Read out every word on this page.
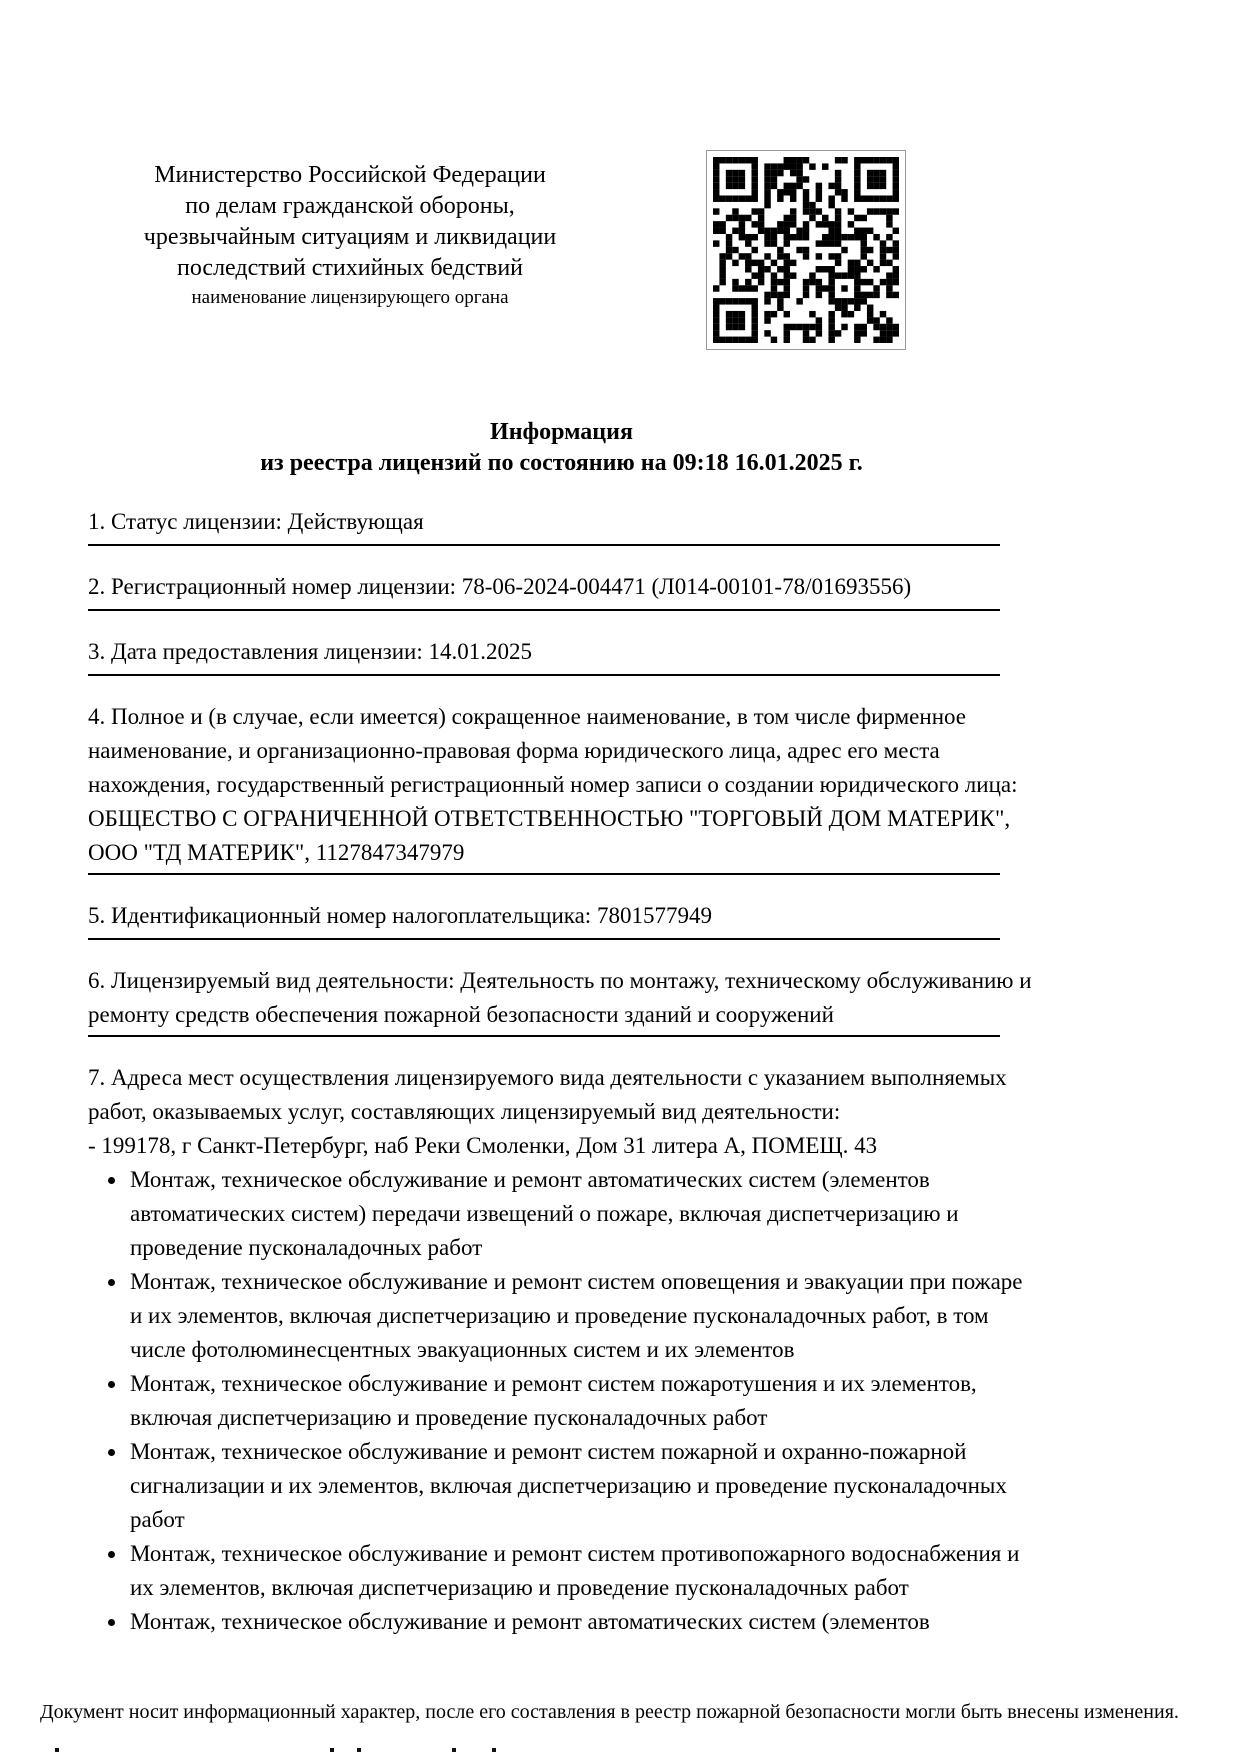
Министерство Российской Федерации
по делам гражданской обороны,
чрезвычайным ситуациям и ликвидации
последствий стихийных бедствий
наименование лицензирующего органа
Информация
из реестра лицензий по состоянию на 09:18 16.01.2025 г.

1. Статус лицензии: Действующая

2. Регистрационный номер лицензии: 78-06-2024-004471 (Л014-00101-78/01693556)

3. Дата предоставления лицензии: 14.01.2025

4. Полное и (в случае, если имеется) сокращенное наименование, в том числе фирменное наименование, и организационно-правовая форма юридического лица, адрес его места нахождения, государственный регистрационный номер записи о создании юридического лица: ОБЩЕСТВО С ОГРАНИЧЕННОЙ ОТВЕТСТВЕННОСТЬЮ "ТОРГОВЫЙ ДОМ МАТЕРИК", ООО "ТД МАТЕРИК", 1127847347979

5. Идентификационный номер налогоплательщика: 7801577949

6. Лицензируемый вид деятельности: Деятельность по монтажу, техническому обслуживанию и ремонту средств обеспечения пожарной безопасности зданий и сооружений

7. Адреса мест осуществления лицензируемого вида деятельности с указанием выполняемых работ, оказываемых услуг, составляющих лицензируемый вид деятельности:

- 199178, г Санкт-Петербург, наб Реки Смоленки, Дом 31 литера А, ПОМЕЩ. 43

• Монтаж, техническое обслуживание и ремонт автоматических систем (элементов автоматических систем) передачи извещений о пожаре, включая диспетчеризацию и проведение пусконаладочных работ
• Монтаж, техническое обслуживание и ремонт систем оповещения и эвакуации при пожаре и их элементов, включая диспетчеризацию и проведение пусконаладочных работ, в том числе фотолюминесцентных эвакуационных систем и их элементов
• Монтаж, техническое обслуживание и ремонт систем пожаротушения и их элементов, включая диспетчеризацию и проведение пусконаладочных работ
• Монтаж, техническое обслуживание и ремонт систем пожарной и охранно-пожарной сигнализации и их элементов, включая диспетчеризацию и проведение пусконаладочных работ
• Монтаж, техническое обслуживание и ремонт систем противопожарного водоснабжения и их элементов, включая диспетчеризацию и проведение пусконаладочных работ
• Монтаж, техническое обслуживание и ремонт автоматических систем (элементов
Документ носит информационный характер, после его составления в реестр пожарной безопасности могли быть внесены изменения.
